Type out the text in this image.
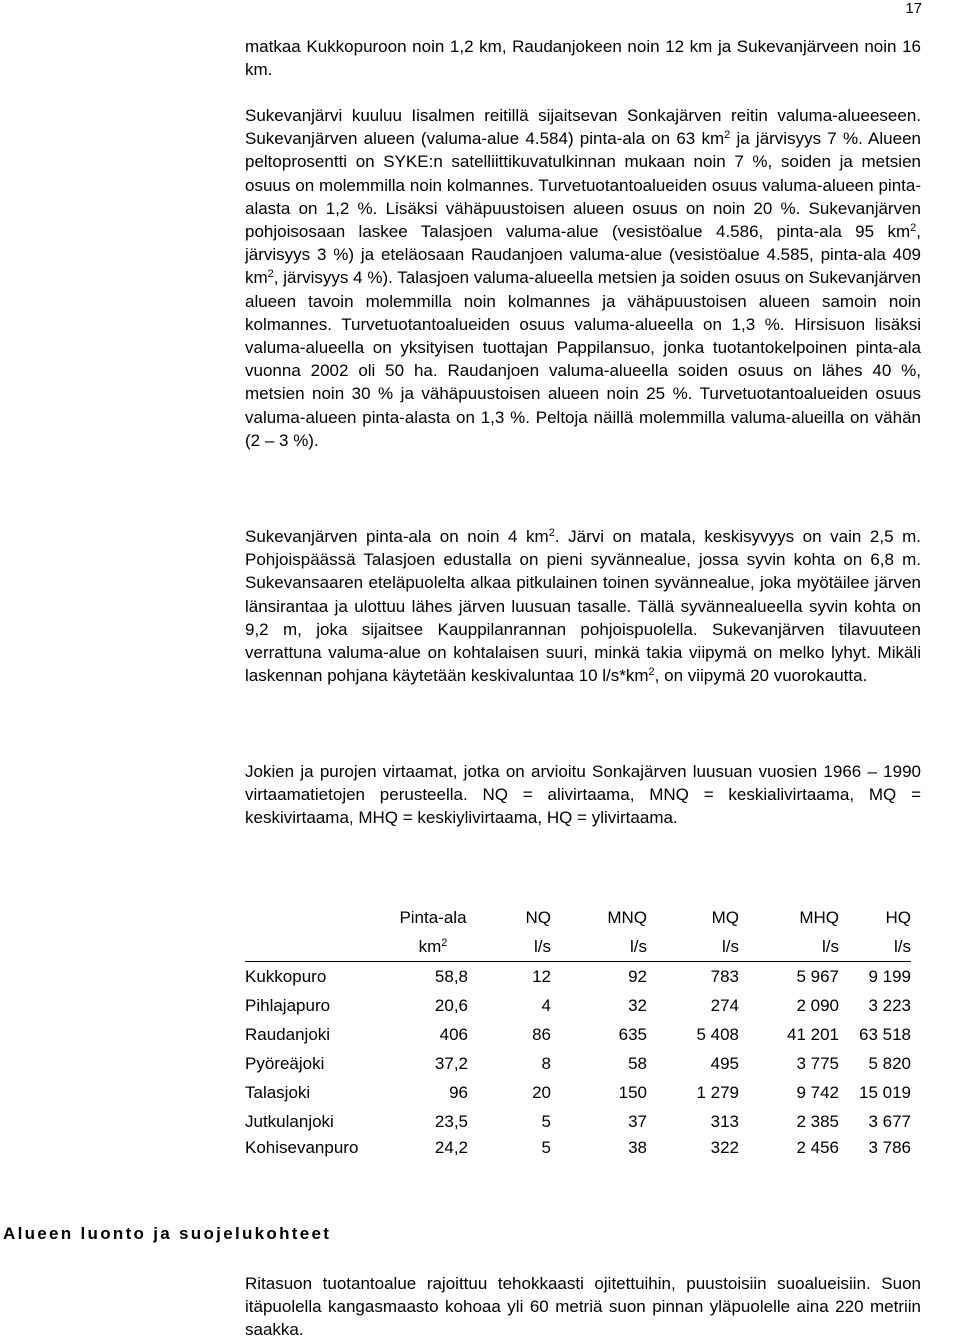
17
matkaa Kukkopuroon noin 1,2 km, Raudanjokeen noin 12 km ja Sukevanjärveen noin 16 km.
Sukevanjärvi kuuluu Iisalmen reitillä sijaitsevan Sonkajärven reitin valuma-alueeseen. Sukevanjärven alueen (valuma-alue 4.584) pinta-ala on 63 $km^2$ ja järvisyys 7 %. Alueen peltoprosentti on SYKE:n satelliittikuvatulkinnan mukaan noin 7 %, soiden ja metsien osuus on molemmilla noin kolmannes. Turvetuotantoalueiden osuus valuma-alueen pinta-alasta on 1,2 %. Lisäksi vähäpuustoisen alueen osuus on noin 20 %. Sukevanjärven pohjoisosaan laskee Talasjoen valuma-alue (vesistöalue 4.586, pinta-ala 95 $km^2$, järvisyys 3 %) ja eteläosaan Raudanjoen valuma-alue (vesistöalue 4.585, pinta-ala 409 $km^2$, järvisyys 4 %). Talasjoen valuma-alueella metsien ja soiden osuus on Sukevanjärven alueen tavoin molemmilla noin kolmannes ja vähäpuustoisen alueen samoin noin kolmannes. Turvetuotantoalueiden osuus valuma-alueella on 1,3 %. Hirsisuon lisäksi valuma-alueella on yksityisen tuottajan Pappilansuo, jonka tuotantokelpoinen pinta-ala vuonna 2002 oli 50 ha. Raudanjoen valuma-alueella soiden osuus on lähes 40 %, metsien noin 30 % ja vähäpuustoisen alueen noin 25 %. Turvetuotantoalueiden osuus valuma-alueen pinta-alasta on 1,3 %. Peltoja näillä molemmilla valuma-alueilla on vähän (2 – 3 %).
Sukevanjärven pinta-ala on noin 4 $km^2$. Järvi on matala, keskisyvyys on vain 2,5 m. Pohjoispäässä Talasjoen edustalla on pieni syvännealue, jossa syvin kohta on 6,8 m. Sukevansaaren eteläpuolelta alkaa pitkulainen toinen syvännealue, joka myötäilee järven länsirantaa ja ulottuu lähes järven luusuan tasalle. Tällä syvännealueella syvin kohta on 9,2 m, joka sijaitsee Kauppilanrannan pohjoispuolella. Sukevanjärven tilavuuteen verrattuna valuma-alue on kohtalaisen suuri, minkä takia viipymä on melko lyhyt. Mikäli laskennan pohjana käytetään keskivaluntaa 10 $l/s*km^2$, on viipymä 20 vuorokautta.
Jokien ja purojen virtaamat, jotka on arvioitu Sonkajärven luusuan vuosien 1966 – 1990 virtaamatietojen perusteella. NQ = alivirtaama, MNQ = keskialivirtaama, MQ = keskivirtaama, MHQ = keskiylivirtaama, HQ = ylivirtaama.
	Pinta-ala	NQ	MNQ	MQ	MHQ	HQ
	$km^2$	l/s	l/s	l/s	l/s	l/s
Kukkopuro	58,8	12	92	783	5 967	9 199
Pihlajapuro	20,6	4	32	274	2 090	3 223
Raudanjoki	406	86	635	5 408	41 201	63 518
Pyöreäjoki	37,2	8	58	495	3 775	5 820
Talasjoki	96	20	150	1 279	9 742	15 019
Jutkulanjoki	23,5	5	37	313	2 385	3 677
Kohisevanpuro	24,2	5	38	322	2 456	3 786
Alueen luonto ja suojelukohteet
Ritasuon tuotantoalue rajoittuu tehokkaasti ojitettuihin, puustoisiin suoalueisiin. Suon itäpuolella kangasmaasto kohoaa yli 60 metriä suon pinnan yläpuolelle aina 220 metriin saakka.
